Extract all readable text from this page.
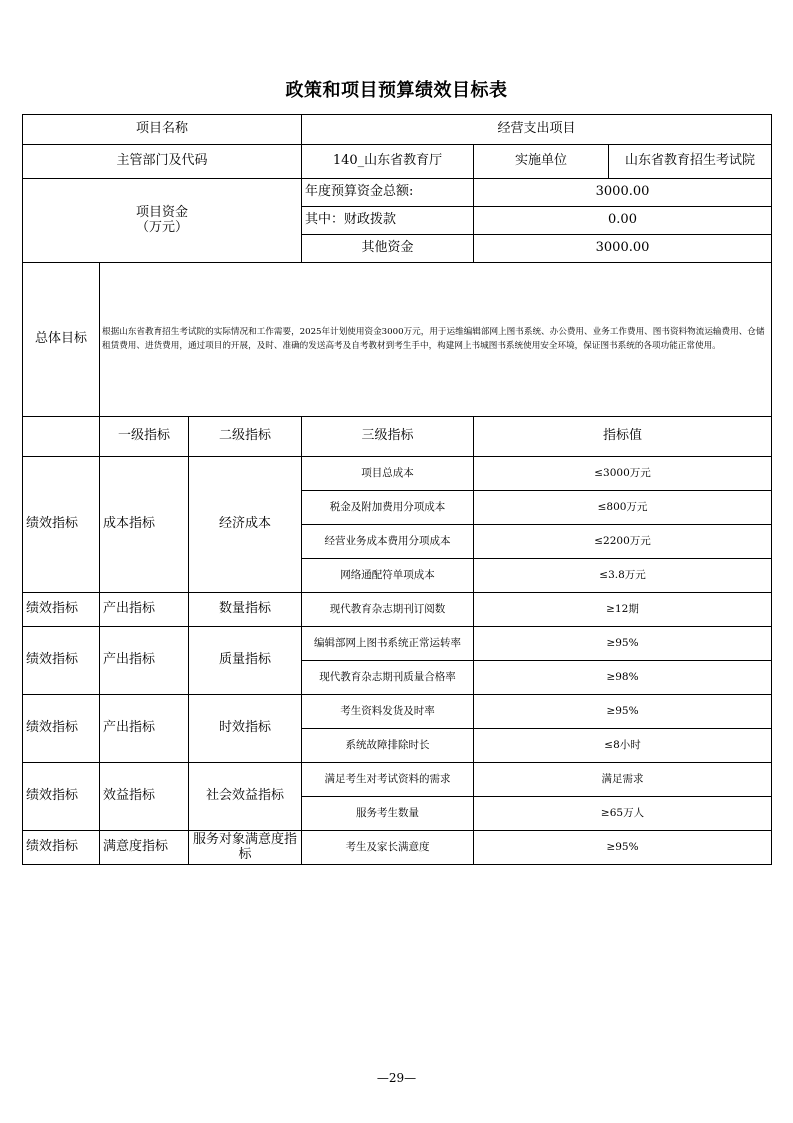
政策和项目预算绩效目标表
项目名称			经营支出项目		
主管部门及代码			140_山东省教育厅	实施单位	山东省教育招生考试院

项目资金
（万元）			年度预算资金总额:	3000.00	
			其中：财政拨款	0.00	
			其他资金	3000.00	
总体目标	根据山东省教育招生考试院的实际情况和工作需要，2025年计划使用资金3000万元，用于运维编辑部网上图书系统、办公费用、业务工作费用、图书资料物流运输费用、仓储租赁费用、进货费用，通过项目的开展，及时、准确的发送高考及自考教材到考生手中，构建网上书城图书系统使用安全环境，保证图书系统的各项功能正常使用。				
	一级指标	二级指标	三级指标	指标值	
绩效指标	成本指标	经济成本	项目总成本	≤3000万元	
			税金及附加费用分项成本	≤800万元	
			经营业务成本费用分项成本	≤2200万元	
			网络通配符单项成本	≤3.8万元	
绩效指标	产出指标	数量指标	现代教育杂志期刊订阅数	≥12期	
绩效指标	产出指标	质量指标	编辑部网上图书系统正常运转率	≥95%	
			现代教育杂志期刊质量合格率	≥98%	
绩效指标	产出指标	时效指标	考生资料发货及时率	≥95%	
			系统故障排除时长	≤8小时	
绩效指标	效益指标	社会效益指标	满足考生对考试资料的需求	满足需求	
			服务考生数量	≥65万人	
绩效指标	满意度指标	服务对象满意度指标	考生及家长满意度	≥95%	
—29—
